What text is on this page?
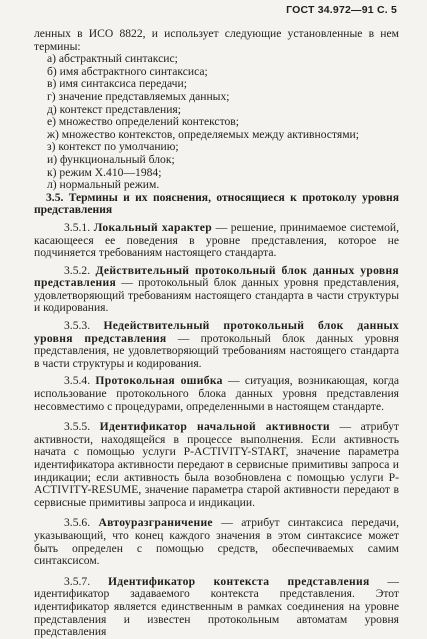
ГОСТ 34.972—91 С. 5

ленных в ИСО 8822, и использует следующие установленные в нем термины:

а) абстрактный синтаксис;

б) имя абстрактного синтаксиса;

в) имя синтаксиса передачи;

г) значение представляемых данных;

д) контекст представления;

е) множество определений контекстов;

ж) множество контекстов, определяемых между активностями;

з) контекст по умолчанию;

и) функциональный блок;

к) режим X.410—1984;

л) нормальный режим.

3.5. Термины и их пояснения, относящиеся к протоколу уровня представления

3.5.1. Локальный характер — решение, принимаемое системой, касающееся ее поведения в уровне представления, которое не подчиняется требованиям настоящего стандарта.

3.5.2. Действительный протокольный блок данных уровня представления — протокольный блок данных уровня представления, удовлетворяющий требованиям настоящего стандарта в части структуры и кодирования.

3.5.3. Недействительный протокольный блок данных уровня представления — протокольный блок данных уровня представления, не удовлетворяющий требованиям настоящего стандарта в части структуры и кодирования.

3.5.4. Протокольная ошибка — ситуация, возникающая, когда использование протокольного блока данных уровня представления несовместимо с процедурами, определенными в настоящем стандарте.

3.5.5. Идентификатор начальной активности — атрибут активности, находящейся в процессе выполнения. Если активность начата с помощью услуги P-ACTIVITY-START, значение параметра идентификатора активности передают в сервисные примитивы запроса и индикации; если активность была возобновлена с помощью услуги P-ACTIVITY-RESUME, значение параметра старой активности передают в сервисные примитивы запроса и индикации.

3.5.6. Автоуразграничение — атрибут синтаксиса передачи, указывающий, что конец каждого значения в этом синтаксисе может быть определен с помощью средств, обеспечиваемых самим синтаксисом.

3.5.7. Идентификатор контекста представления — идентификатор задаваемого контекста представления. Этот идентификатор является единственным в рамках соединения на уровне представления и известен протокольным автоматам уровня представления
